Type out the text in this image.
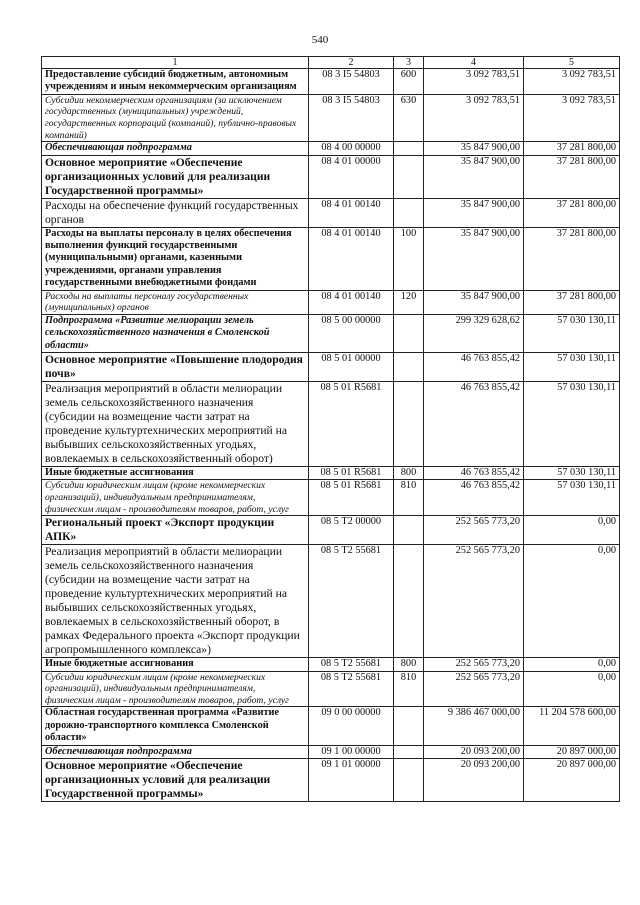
540
1	2	3	4	5
Предоставление субсидий бюджетным, автономным учреждениям и иным некоммерческим организациям	08 3 I5 54803	600	3 092 783,51	3 092 783,51
Субсидии некоммерческим организациям (за исключением государственных (муниципальных) учреждений, государственных корпораций (компаний), публично-правовых компаний)	08 3 I5 54803	630	3 092 783,51	3 092 783,51
Обеспечивающая подпрограмма	08 4 00 00000		35 847 900,00	37 281 800,00
Основное мероприятие «Обеспечение организационных условий для реализации Государственной программы»	08 4 01 00000		35 847 900,00	37 281 800,00
Расходы на обеспечение функций государственных органов	08 4 01 00140		35 847 900,00	37 281 800,00
Расходы на выплаты персоналу в целях обеспечения выполнения функций государственными (муниципальными) органами, казенными учреждениями, органами управления государственными внебюджетными фондами	08 4 01 00140	100	35 847 900,00	37 281 800,00
Расходы на выплаты персоналу государственных (муниципальных) органов	08 4 01 00140	120	35 847 900,00	37 281 800,00
Подпрограмма «Развитие мелиорации земель сельскохозяйственного назначения в Смоленской области»	08 5 00 00000		299 329 628,62	57 030 130,11
Основное мероприятие «Повышение плодородия почв»	08 5 01 00000		46 763 855,42	57 030 130,11
Реализация мероприятий в области мелиорации земель сельскохозяйственного назначения (субсидии на возмещение части затрат на проведение культуртехнических мероприятий на выбывших сельскохозяйственных угодьях, вовлекаемых в сельскохозяйственный оборот)	08 5 01 R5681		46 763 855,42	57 030 130,11
Иные бюджетные ассигнования	08 5 01 R5681	800	46 763 855,42	57 030 130,11
Субсидии юридическим лицам (кроме некоммерческих организаций), индивидуальным предпринимателям, физическим лицам - производителям товаров, работ, услуг	08 5 01 R5681	810	46 763 855,42	57 030 130,11
Региональный проект «Экспорт продукции АПК»	08 5 T2 00000		252 565 773,20	0,00
Реализация мероприятий в области мелиорации земель сельскохозяйственного назначения (субсидии на возмещение части затрат на проведение культуртехнических мероприятий на выбывших сельскохозяйственных угодьях, вовлекаемых в сельскохозяйственный оборот, в рамках Федерального проекта «Экспорт продукции агропромышленного комплекса»)	08 5 T2 55681		252 565 773,20	0,00
Иные бюджетные ассигнования	08 5 T2 55681	800	252 565 773,20	0,00
Субсидии юридическим лицам (кроме некоммерческих организаций), индивидуальным предпринимателям, физическим лицам - производителям товаров, работ, услуг	08 5 T2 55681	810	252 565 773,20	0,00
Областная государственная программа «Развитие дорожно-транспортного комплекса Смоленской области»	09 0 00 00000		9 386 467 000,00	11 204 578 600,00
Обеспечивающая подпрограмма	09 1 00 00000		20 093 200,00	20 897 000,00
Основное мероприятие «Обеспечение организационных условий для реализации Государственной программы»	09 1 01 00000		20 093 200,00	20 897 000,00
